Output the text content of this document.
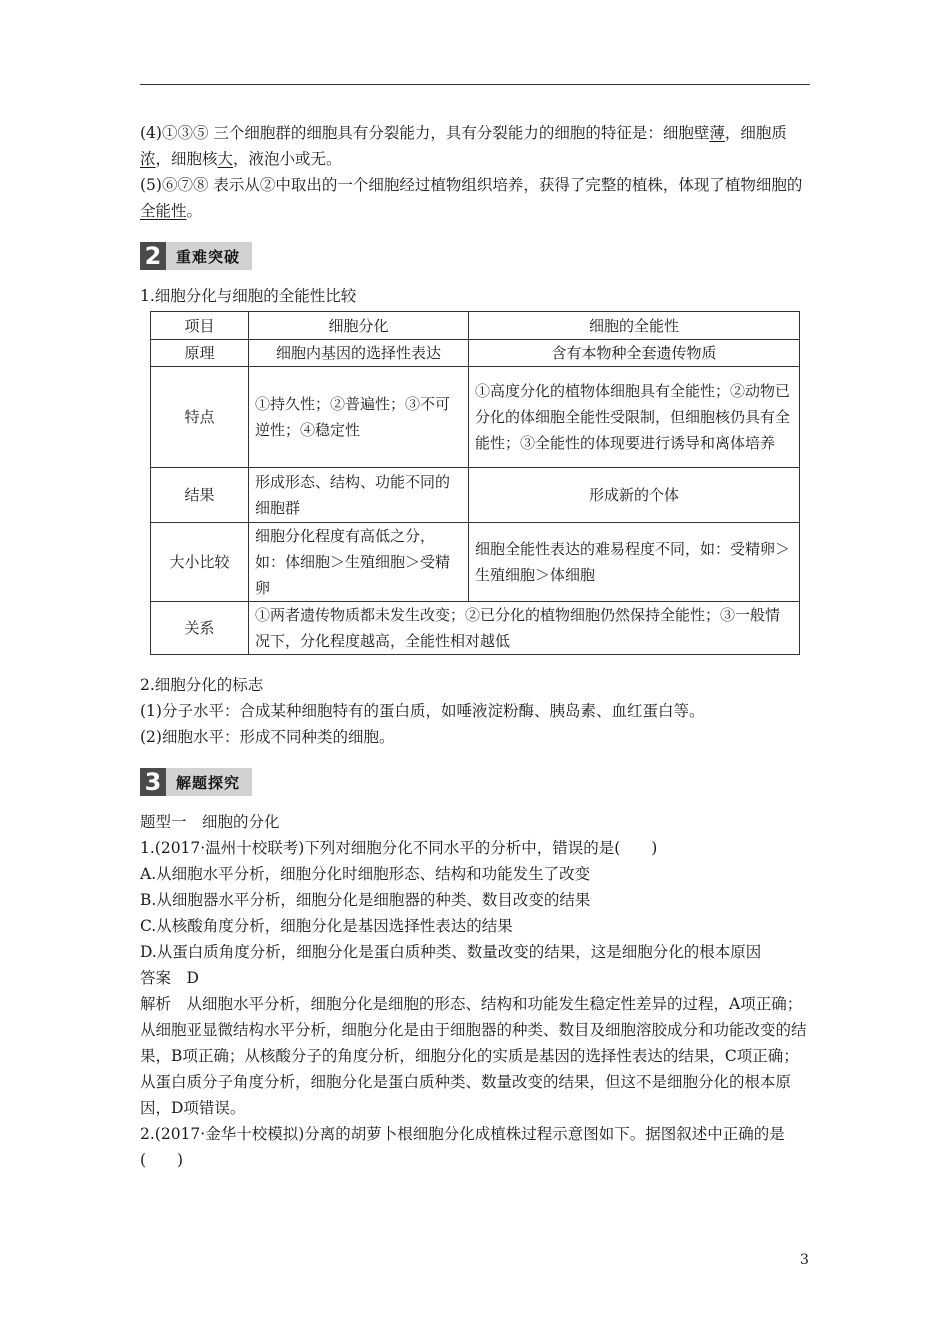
(4)①③⑤ 三个细胞群的细胞具有分裂能力，具有分裂能力的细胞的特征是：细胞壁薄，细胞质浓，细胞核大，液泡小或无。

(5)⑥⑦⑧ 表示从②中取出的一个细胞经过植物组织培养，获得了完整的植株，体现了植物细胞的全能性。

2 重难突破
1.细胞分化与细胞的全能性比较
项目	细胞分化	细胞的全能性
原理	细胞内基因的选择性表达	含有本物种全套遗传物质
特点	①持久性；②普遍性；③不可逆性；④稳定性	①高度分化的植物体细胞具有全能性；②动物已分化的体细胞全能性受限制，但细胞核仍具有全能性；③全能性的体现要进行诱导和离体培养
结果	形成形态、结构、功能不同的细胞群	形成新的个体
大小比较	细胞分化程度有高低之分，如：体细胞＞生殖细胞＞受精卵	细胞全能性表达的难易程度不同，如：受精卵＞生殖细胞＞体细胞
关系	①两者遗传物质都未发生改变；②已分化的植物细胞仍然保持全能性；③一般情况下，分化程度越高，全能性相对越低	

2.细胞分化的标志

(1)分子水平：合成某种细胞特有的蛋白质，如唾液淀粉酶、胰岛素、血红蛋白等。

(2)细胞水平：形成不同种类的细胞。

3 解题探究

题型一　细胞的分化

1.(2017·温州十校联考)下列对细胞分化不同水平的分析中，错误的是(　　)

A.从细胞水平分析，细胞分化时细胞形态、结构和功能发生了改变

B.从细胞器水平分析，细胞分化是细胞器的种类、数目改变的结果

C.从核酸角度分析，细胞分化是基因选择性表达的结果

D.从蛋白质角度分析，细胞分化是蛋白质种类、数量改变的结果，这是细胞分化的根本原因

答案　D

解析　从细胞水平分析，细胞分化是细胞的形态、结构和功能发生稳定性差异的过程，A项正确；从细胞亚显微结构水平分析，细胞分化是由于细胞器的种类、数目及细胞溶胶成分和功能改变的结果，B项正确；从核酸分子的角度分析，细胞分化的实质是基因的选择性表达的结果，C项正确；从蛋白质分子角度分析，细胞分化是蛋白质种类、数量改变的结果，但这不是细胞分化的根本原因，D项错误。

2.(2017·金华十校模拟)分离的胡萝卜根细胞分化成植株过程示意图如下。据图叙述中正确的是(　　)

3
